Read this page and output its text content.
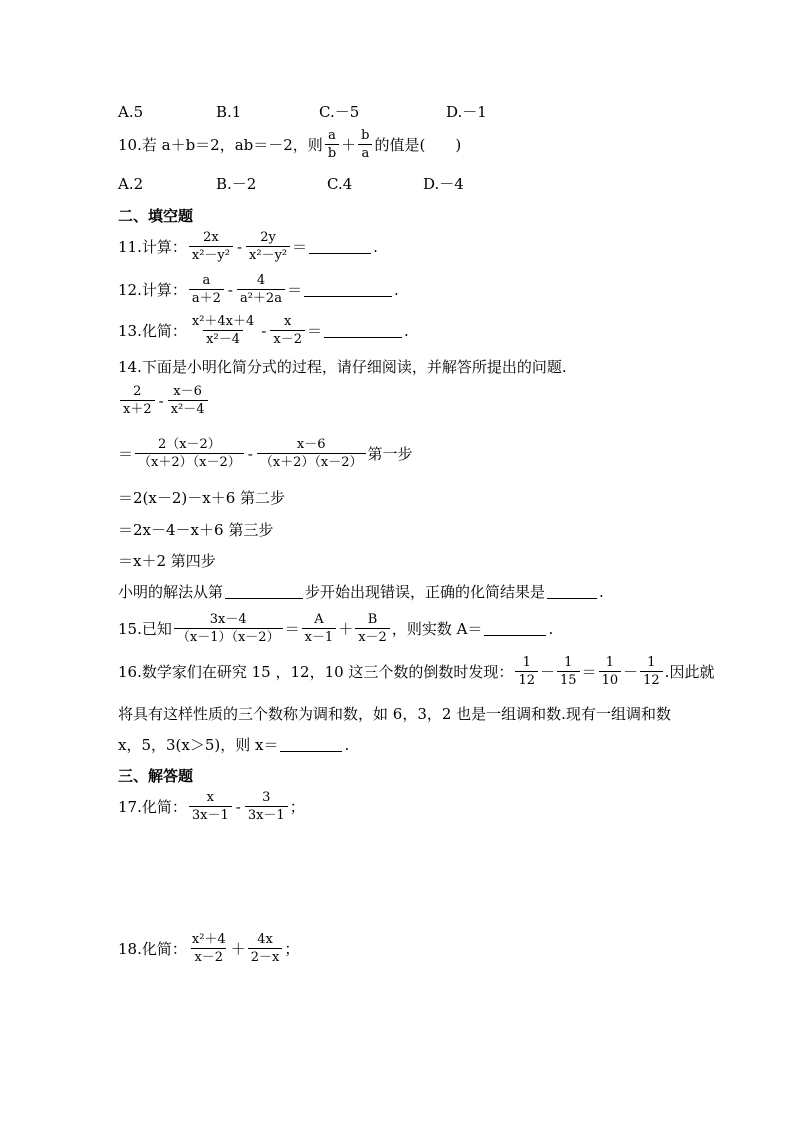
A.5	B.1	C.－5	D.－1
10.若 a＋b＝2，ab＝－2，则 $\frac{a}{b} + \frac{b}{a}$ 的值是(　　)
A.2	B.－2	C.4	D.－4
二、填空题
11.计算： $\frac{2x}{\text{x²－y²}} - \frac{2y}{\text{x²－y²}}$ ＝	.
12.计算： $\frac{a}{a+2} - \frac{4}{\text{a²＋2a}}$ ＝	.
13.化简： $\frac{\text{x²＋4x＋4}}{\text{x²－4}} - \frac{x}{x-2}$ ＝	.
14.下面是小明化简分式的过程，请仔细阅读，并解答所提出的问题.
$\frac{2}{x+2} - \frac{x-6}{\text{x²－4}}$
＝ $\frac{2(x-2)}{(x+2)(x-2)} - \frac{x-6}{(x+2)(x-2)}$ 第一步
＝2(x－2)－x＋6 第二步
＝2x－4－x＋6 第三步
＝x＋2 第四步
小明的解法从第	步开始出现错误，正确的化简结果是	.
15.已知 $\frac{3x-4}{(x-1)(x-2)} = \frac{A}{x-1} + \frac{B}{x-2}$ ，则实数 A＝	.
16.数学家们在研究 15 ，12，10 这三个数的倒数时发现： $\frac{1}{12} - \frac{1}{15} = \frac{1}{10} - \frac{1}{12}$ .因此就
将具有这样性质的三个数称为调和数，如 6，3，2 也是一组调和数.现有一组调和数
x，5，3(x＞5)，则 x＝	.
三、解答题
17.化简： $\frac{x}{3x-1} - \frac{3}{3x-1}$ ；
18.化简： $\frac{\text{x²＋4}}{x-2} + \frac{4x}{2-x}$ ；
